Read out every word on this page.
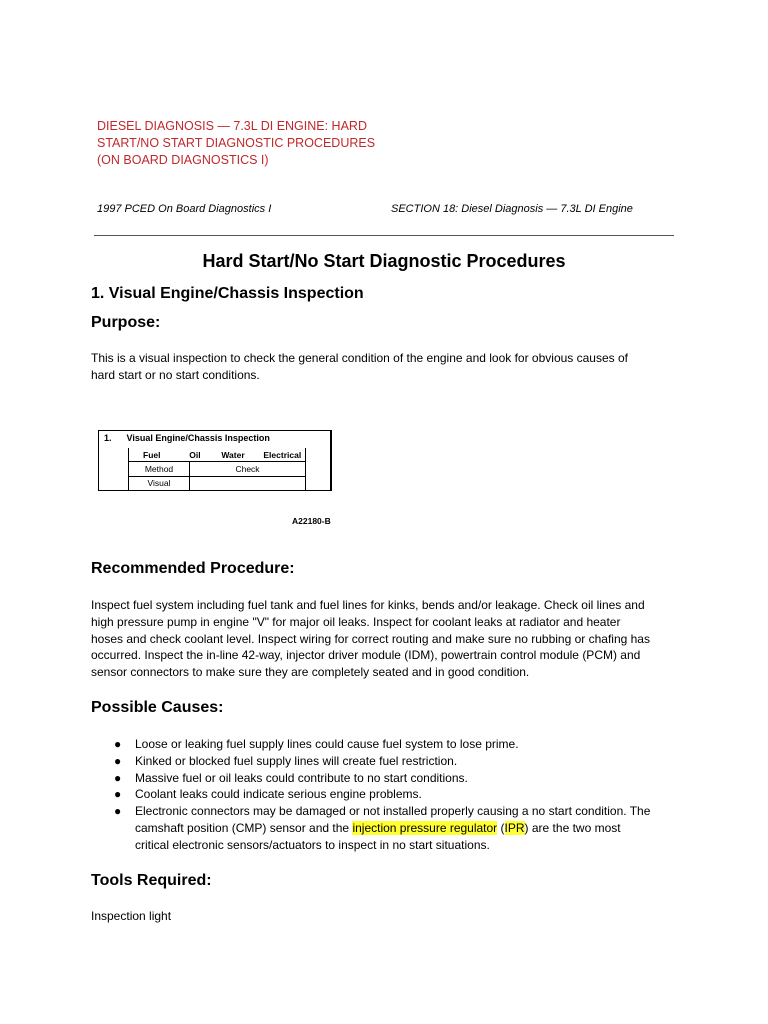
DIESEL DIAGNOSIS — 7.3L DI ENGINE: HARD
START/NO START DIAGNOSTIC PROCEDURES
(ON BOARD DIAGNOSTICS I)
1997 PCED On Board Diagnostics I	SECTION 18: Diesel Diagnosis — 7.3L DI Engine
Hard Start/No Start Diagnostic Procedures
1. Visual Engine/Chassis Inspection
Purpose:
This is a visual inspection to check the general condition of the engine and look for obvious causes of
hard start or no start conditions.
1.      Visual Engine/Chassis Inspection
Fuel Oil Water Electrical	
Method	Check
Visual	
A22180-B
Recommended Procedure:
Inspect fuel system including fuel tank and fuel lines for kinks, bends and/or leakage. Check oil lines and
high pressure pump in engine "V" for major oil leaks. Inspect for coolant leaks at radiator and heater
hoses and check coolant level. Inspect wiring for correct routing and make sure no rubbing or chafing has
occurred. Inspect the in-line 42-way, injector driver module (IDM), powertrain control module (PCM) and
sensor connectors to make sure they are completely seated and in good condition.
Possible Causes:
● Loose or leaking fuel supply lines could cause fuel system to lose prime.
● Kinked or blocked fuel supply lines will create fuel restriction.
● Massive fuel or oil leaks could contribute to no start conditions.
● Coolant leaks could indicate serious engine problems.
● Electronic connectors may be damaged or not installed properly causing a no start condition. The
camshaft position (CMP) sensor and the injection pressure regulator (IPR) are the two most
critical electronic sensors/actuators to inspect in no start situations.
Tools Required:
Inspection light
